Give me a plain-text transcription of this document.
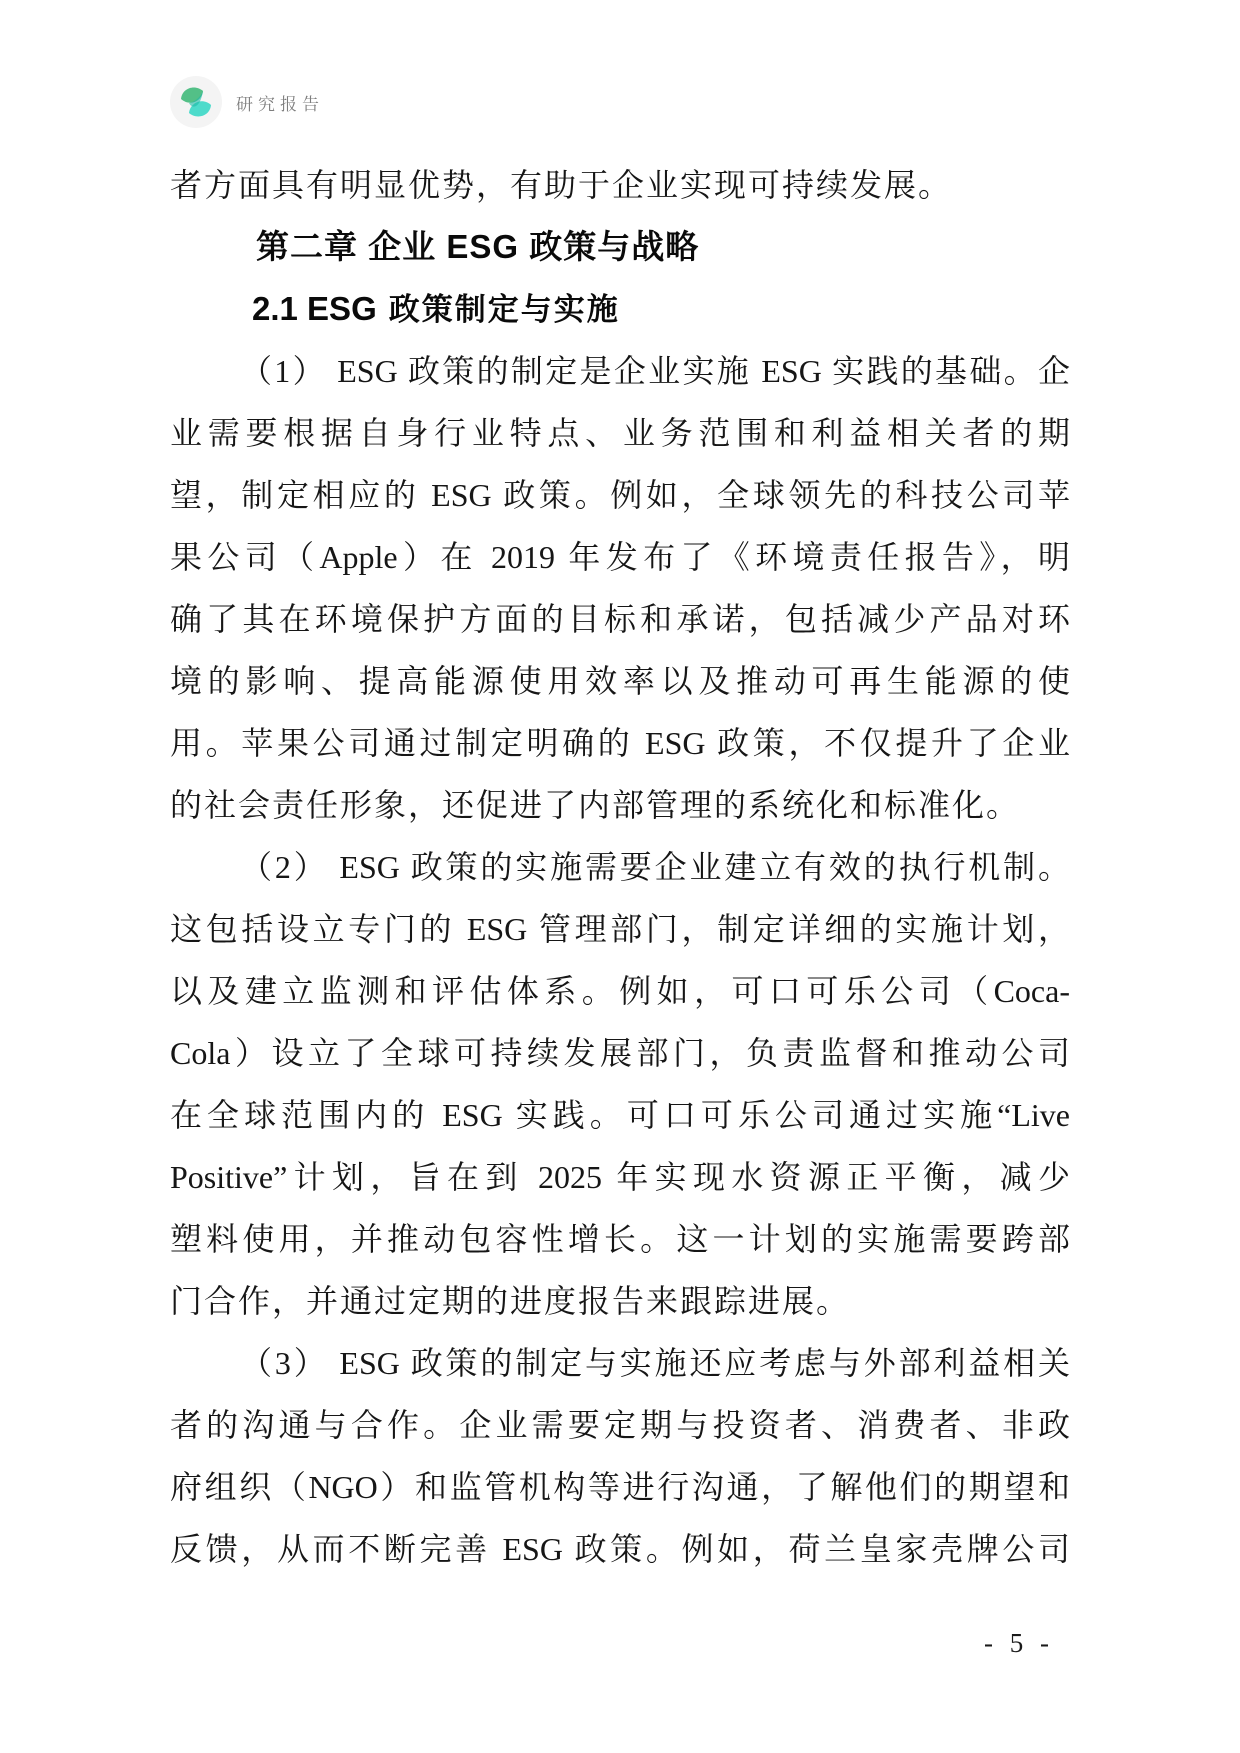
研究报告
者方面具有明显优势，有助于企业实现可持续发展。
第二章 企业 ESG 政策与战略
2.1 ESG 政策制定与实施
（1） ESG 政策的制定是企业实施 ESG 实践的基础。企
业需要根据自身行业特点、业务范围和利益相关者的期
望，制定相应的 ESG 政策。例如，全球领先的科技公司苹
果公司（Apple）在 2019 年发布了《环境责任报告》，明
确了其在环境保护方面的目标和承诺，包括减少产品对环
境的影响、提高能源使用效率以及推动可再生能源的使
用。苹果公司通过制定明确的 ESG 政策，不仅提升了企业
的社会责任形象，还促进了内部管理的系统化和标准化。
（2） ESG 政策的实施需要企业建立有效的执行机制。
这包括设立专门的 ESG 管理部门，制定详细的实施计划，
以及建立监测和评估体系。例如，可口可乐公司（Coca-
Cola）设立了全球可持续发展部门，负责监督和推动公司
在全球范围内的 ESG 实践。可口可乐公司通过实施“Live
Positive”计划，旨在到 2025 年实现水资源正平衡，减少
塑料使用，并推动包容性增长。这一计划的实施需要跨部
门合作，并通过定期的进度报告来跟踪进展。
（3） ESG 政策的制定与实施还应考虑与外部利益相关
者的沟通与合作。企业需要定期与投资者、消费者、非政
府组织（NGO）和监管机构等进行沟通，了解他们的期望和
反馈，从而不断完善 ESG 政策。例如，荷兰皇家壳牌公司
- 5 -
